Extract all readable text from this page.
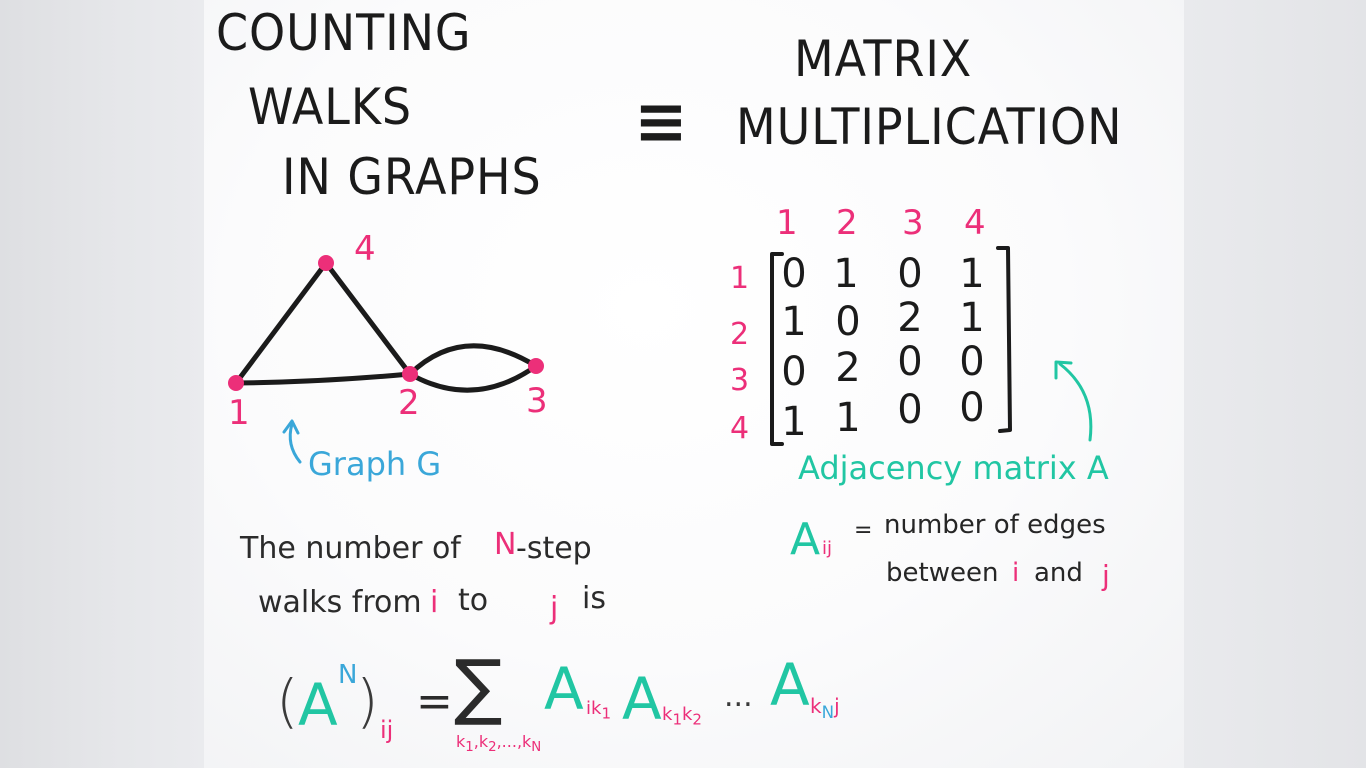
COUNTING
WALKS
IN GRAPHS
≡
MATRIX
MULTIPLICATION
1	2	3
4
Graph G
1 2 3 4
1
2
3
4
0 1 0 1
1 0 2 1
0 2 0 0
1 1 0 0
Adjacency matrix A
A ij
= number of edges
between i and j
The number of N -step
walks from i to j is
( A N
) ij
= ∑
$k_1,k_2,...,k_N$
A $ik_1$ A $k_1k_2$
... A $k_Nj$
